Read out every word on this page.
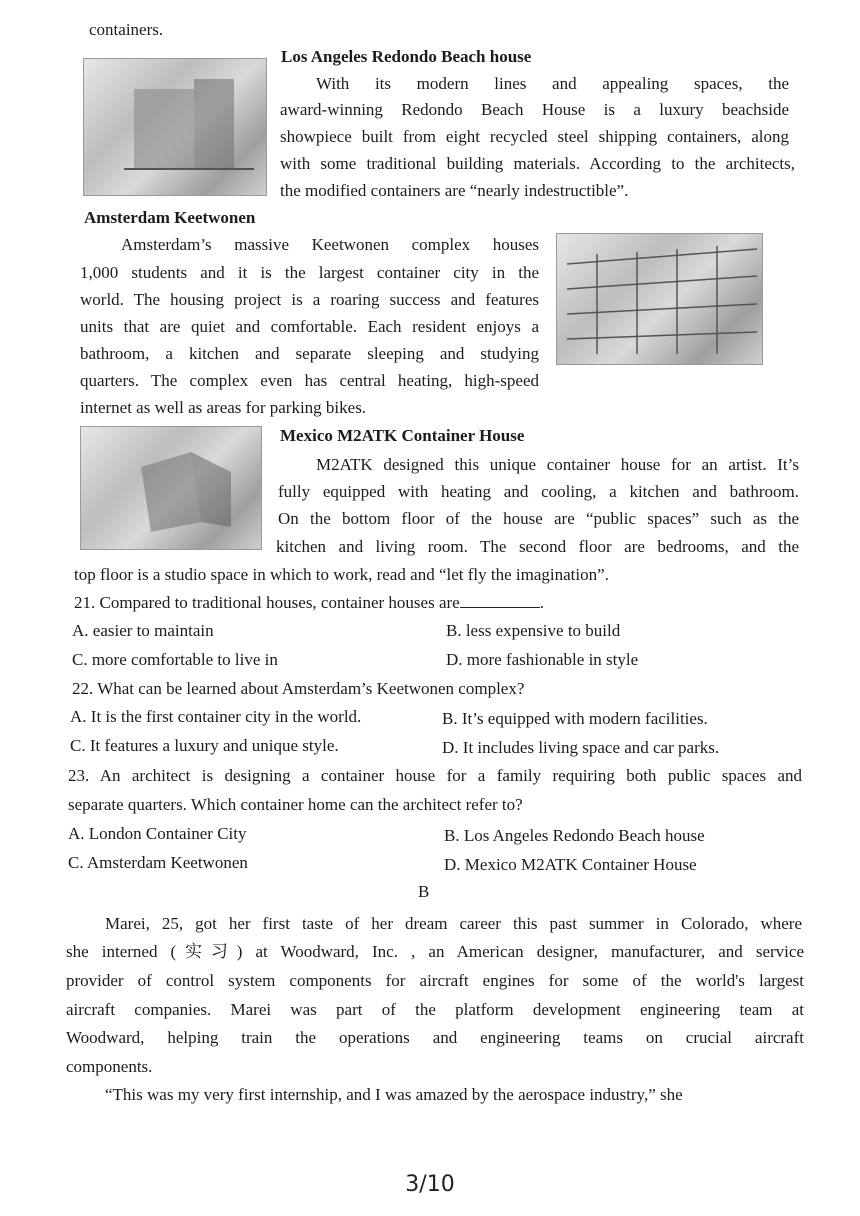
containers.
Los Angeles Redondo Beach house
With its modern lines and appealing spaces, the
award-winning Redondo Beach House is a luxury beachside
showpiece built from eight recycled steel shipping containers, along
with some traditional building materials. According to the architects,
the modified containers are “nearly indestructible”.
Amsterdam Keetwonen
Amsterdam’s massive Keetwonen complex houses
1,000 students and it is the largest container city in the
world. The housing project is a roaring success and features
units that are quiet and comfortable. Each resident enjoys a
bathroom, a kitchen and separate sleeping and studying
quarters. The complex even has central heating, high-speed
internet as well as areas for parking bikes.
Mexico M2ATK Container House
M2ATK designed this unique container house for an artist. It’s
fully equipped with heating and cooling, a kitchen and bathroom.
On the bottom floor of the house are “public spaces” such as the
kitchen and living room. The second floor are bedrooms, and the
top floor is a studio space in which to work, read and “let fly the imagination”.
21. Compared to traditional houses, container houses are	.
A. easier to maintain	B. less expensive to build
C. more comfortable to live in	D. more fashionable in style
22. What can be learned about Amsterdam’s Keetwonen complex?
A. It is the first container city in the world.	B. It’s equipped with modern facilities.
C. It features a luxury and unique style.	D. It includes living space and car parks.
23. An architect is designing a container house for a family requiring both public spaces and
separate quarters. Which container home can the architect refer to?
A. London Container City	B. Los Angeles Redondo Beach house
C. Amsterdam Keetwonen	D. Mexico M2ATK Container House
B
Marei, 25, got her first taste of her dream career this past summer in Colorado, where
she interned (实习) at Woodward, Inc. , an American designer, manufacturer, and service
provider of control system components for aircraft engines for some of the world's largest
aircraft companies. Marei was part of the platform development engineering team at
Woodward, helping train the operations and engineering teams on crucial aircraft
components.
“This was my very first internship, and I was amazed by the aerospace industry,” she
3/10
